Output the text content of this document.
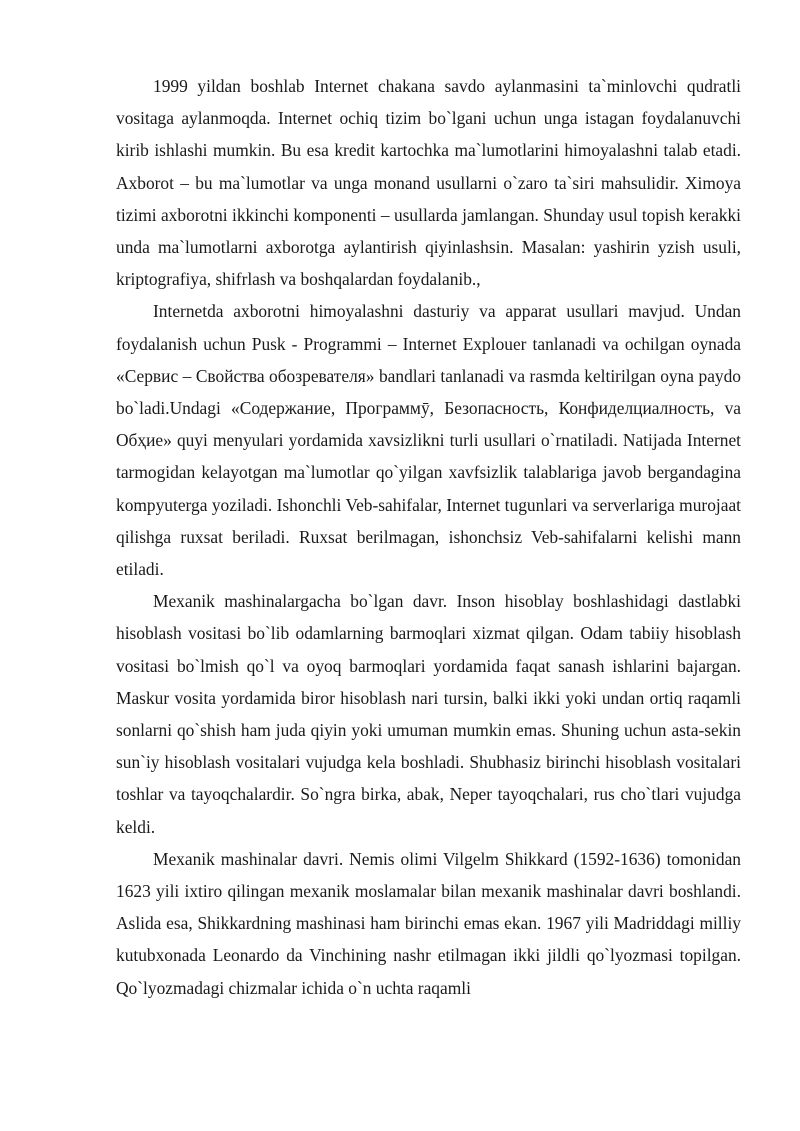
1999 yildan boshlab Internet chakana savdo aylanmasini ta`minlovchi qudratli vositaga aylanmoqda. Internet ochiq tizim bo`lgani uchun unga istagan foydalanuvchi kirib ishlashi mumkin. Bu esa kredit kartochka ma`lumotlarini himoyalashni talab etadi. Axborot – bu ma`lumotlar va unga monand usullarni o`zaro ta`siri mahsulidir. Ximoya tizimi axborotni ikkinchi komponenti – usullarda jamlangan. Shunday usul topish kerakki unda ma`lumotlarni axborotga aylantirish qiyinlashsin. Masalan: yashirin yzish usuli, kriptografiya, shifrlash va boshqalardan foydalanib.,

Internetda axborotni himoyalashni dasturiy va apparat usullari mavjud. Undan foydalanish uchun Pusk - Programmi – Internet Explouer tanlanadi va ochilgan oynada «Сервис – Свойства обозревателя» bandlari tanlanadi va rasmda keltirilgan oyna paydo bo`ladi.Undagi «Содержание, Программӯ, Безопасность, Конфиделциалность, va Обҳие» quyi menyulari yordamida xavsizlikni turli usullari o`rnatiladi. Natijada Internet tarmogidan kelayotgan ma`lumotlar qo`yilgan xavfsizlik talablariga javob bergandagina kompyuterga yoziladi. Ishonchli Veb-sahifalar, Internet tugunlari va serverlariga murojaat qilishga ruxsat beriladi. Ruxsat berilmagan, ishonchsiz Veb-sahifalarni kelishi mann etiladi.

Mexanik mashinalargacha bo`lgan davr. Inson hisoblay boshlashidagi dastlabki hisoblash vositasi bo`lib odamlarning barmoqlari xizmat qilgan. Odam tabiiy hisoblash vositasi bo`lmish qo`l va oyoq barmoqlari yordamida faqat sanash ishlarini bajargan. Maskur vosita yordamida biror hisoblash nari tursin, balki ikki yoki undan ortiq raqamli sonlarni qo`shish ham juda qiyin yoki umuman mumkin emas. Shuning uchun asta-sekin sun`iy hisoblash vositalari vujudga kela boshladi. Shubhasiz birinchi hisoblash vositalari toshlar va tayoqchalardir. So`ngra birka, abak, Neper tayoqchalari, rus cho`tlari vujudga keldi.

Mexanik mashinalar davri. Nemis olimi Vilgelm Shikkard (1592-1636) tomonidan 1623 yili ixtiro qilingan mexanik moslamalar bilan mexanik mashinalar davri boshlandi. Aslida esa, Shikkardning mashinasi ham birinchi emas ekan. 1967 yili Madriddagi milliy kutubxonada Leonardo da Vinchining nashr etilmagan ikki jildli qo`lyozmasi topilgan. Qo`lyozmadagi chizmalar ichida o`n uchta raqamli
